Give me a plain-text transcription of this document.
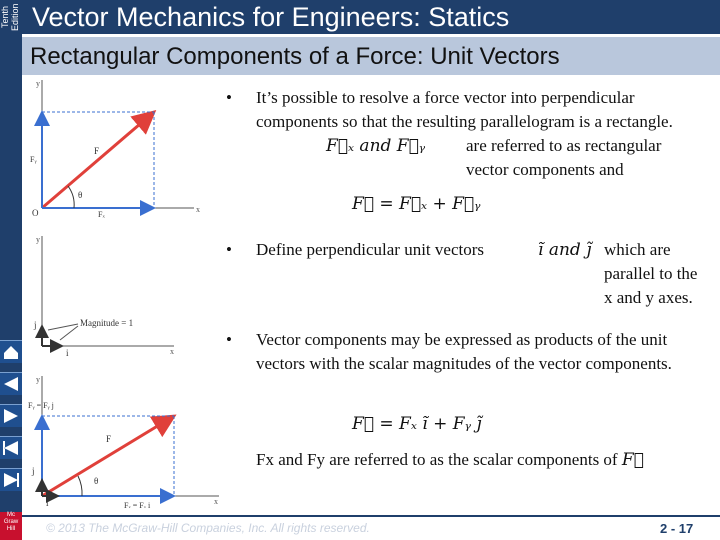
Tenth Edition Vector Mechanics for Engineers: Statics
Rectangular Components of a Force: Unit Vectors
Mc
Graw
Hill
y
x
O
F
Fₓ
Fᵧ
θ
y
x
i
j	Magnitude = 1
y
x
F
θ
i
j
Fₓ = Fₓ i
Fᵧ = Fᵧ j
• It’s possible to resolve a force vector into perpendicular components so that the resulting parallelogram is a rectangle.
F⃗ₓ and F⃗ᵧ are referred to as rectangular vector components and
F⃗ = F⃗ₓ + F⃗ᵧ
• Define perpendicular unit vectors	ĩ and j̃ which are parallel to the x and y axes.
• Vector components may be expressed as products of the unit vectors with the scalar magnitudes of the vector components.
F⃗ = Fₓ ĩ + Fᵧ j̃
Fx and Fy are referred to as the scalar components of F⃗
© 2013 The McGraw-Hill Companies, Inc. All rights reserved.	2 - 17
